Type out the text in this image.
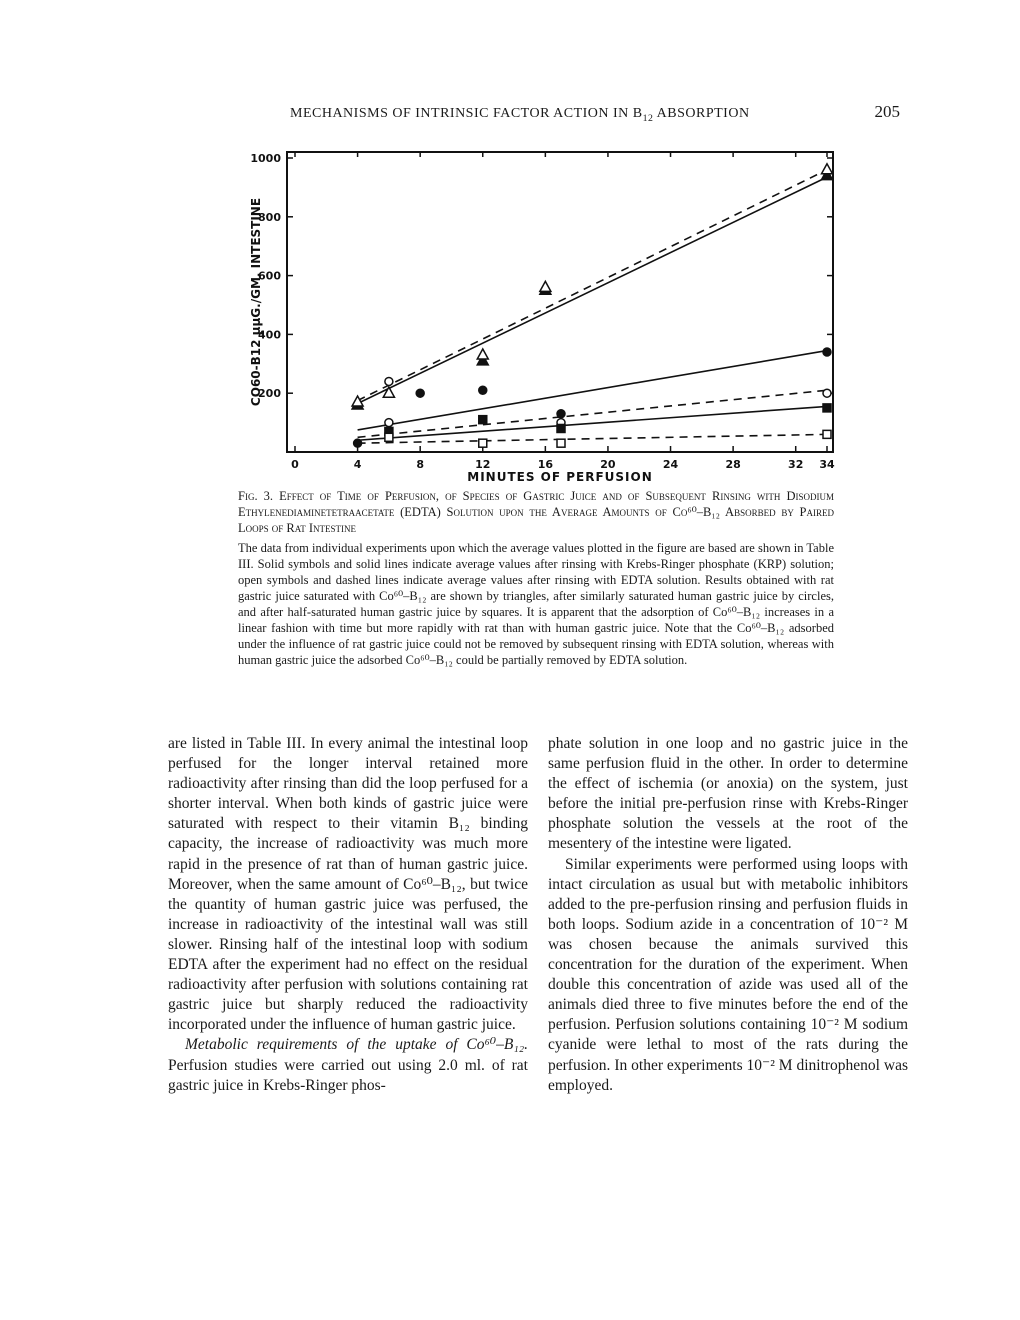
MECHANISMS OF INTRINSIC FACTOR ACTION IN $B_{12}$ ABSORPTION	205
0	4	8	12	16	20	24	28	32 34
1000
800
600
400
200
CO60-B12 µµG./GM. INTESTINE
MINUTES OF PERFUSION

Fig. 3. Effect of Time of Perfusion, of Species of Gastric Juice and of Subsequent Rinsing with Disodium Ethylenediaminetetraacetate (EDTA) Solution upon the Average Amounts of Co⁶⁰–B₁₂ Absorbed by Paired Loops of Rat Intestine

The data from individual experiments upon which the average values plotted in the figure are based are shown in Table III. Solid symbols and solid lines indicate average values after rinsing with Krebs-Ringer phosphate (KRP) solution; open symbols and dashed lines indicate average values after rinsing with EDTA solution. Results obtained with rat gastric juice saturated with Co⁶⁰–B₁₂ are shown by triangles, after similarly saturated human gastric juice by circles, and after half-saturated human gastric juice by squares. It is apparent that the adsorption of Co⁶⁰–B₁₂ increases in a linear fashion with time but more rapidly with rat than with human gastric juice. Note that the Co⁶⁰–B₁₂ adsorbed under the influence of rat gastric juice could not be removed by subsequent rinsing with EDTA solution, whereas with human gastric juice the adsorbed Co⁶⁰–B₁₂ could be partially removed by EDTA solution.

are listed in Table III. In every animal the intestinal loop perfused for the longer interval retained more radioactivity after rinsing than did the loop perfused for a shorter interval. When both kinds of gastric juice were saturated with respect to their vitamin B₁₂ binding capacity, the increase of radioactivity was much more rapid in the presence of rat than of human gastric juice. Moreover, when the same amount of Co⁶⁰–B₁₂, but twice the quantity of human gastric juice was perfused, the increase in radioactivity of the intestinal wall was still slower. Rinsing half of the intestinal loop with sodium EDTA after the experiment had no effect on the residual radioactivity after perfusion with solutions containing rat gastric juice but sharply reduced the radioactivity incorporated under the influence of human gastric juice.

Metabolic requirements of the uptake of Co⁶⁰–B₁₂. Perfusion studies were carried out using 2.0 ml. of rat gastric juice in Krebs-Ringer phos-

phate solution in one loop and no gastric juice in the same perfusion fluid in the other. In order to determine the effect of ischemia (or anoxia) on the system, just before the initial pre-perfusion rinse with Krebs-Ringer phosphate solution the vessels at the root of the mesentery of the intestine were ligated.

Similar experiments were performed using loops with intact circulation as usual but with metabolic inhibitors added to the pre-perfusion rinsing and perfusion fluids in both loops. Sodium azide in a concentration of 10⁻² M was chosen because the animals survived this concentration for the duration of the experiment. When double this concentration of azide was used all of the animals died three to five minutes before the end of the perfusion. Perfusion solutions containing 10⁻² M sodium cyanide were lethal to most of the rats during the perfusion. In other experiments 10⁻² M dinitrophenol was employed.
